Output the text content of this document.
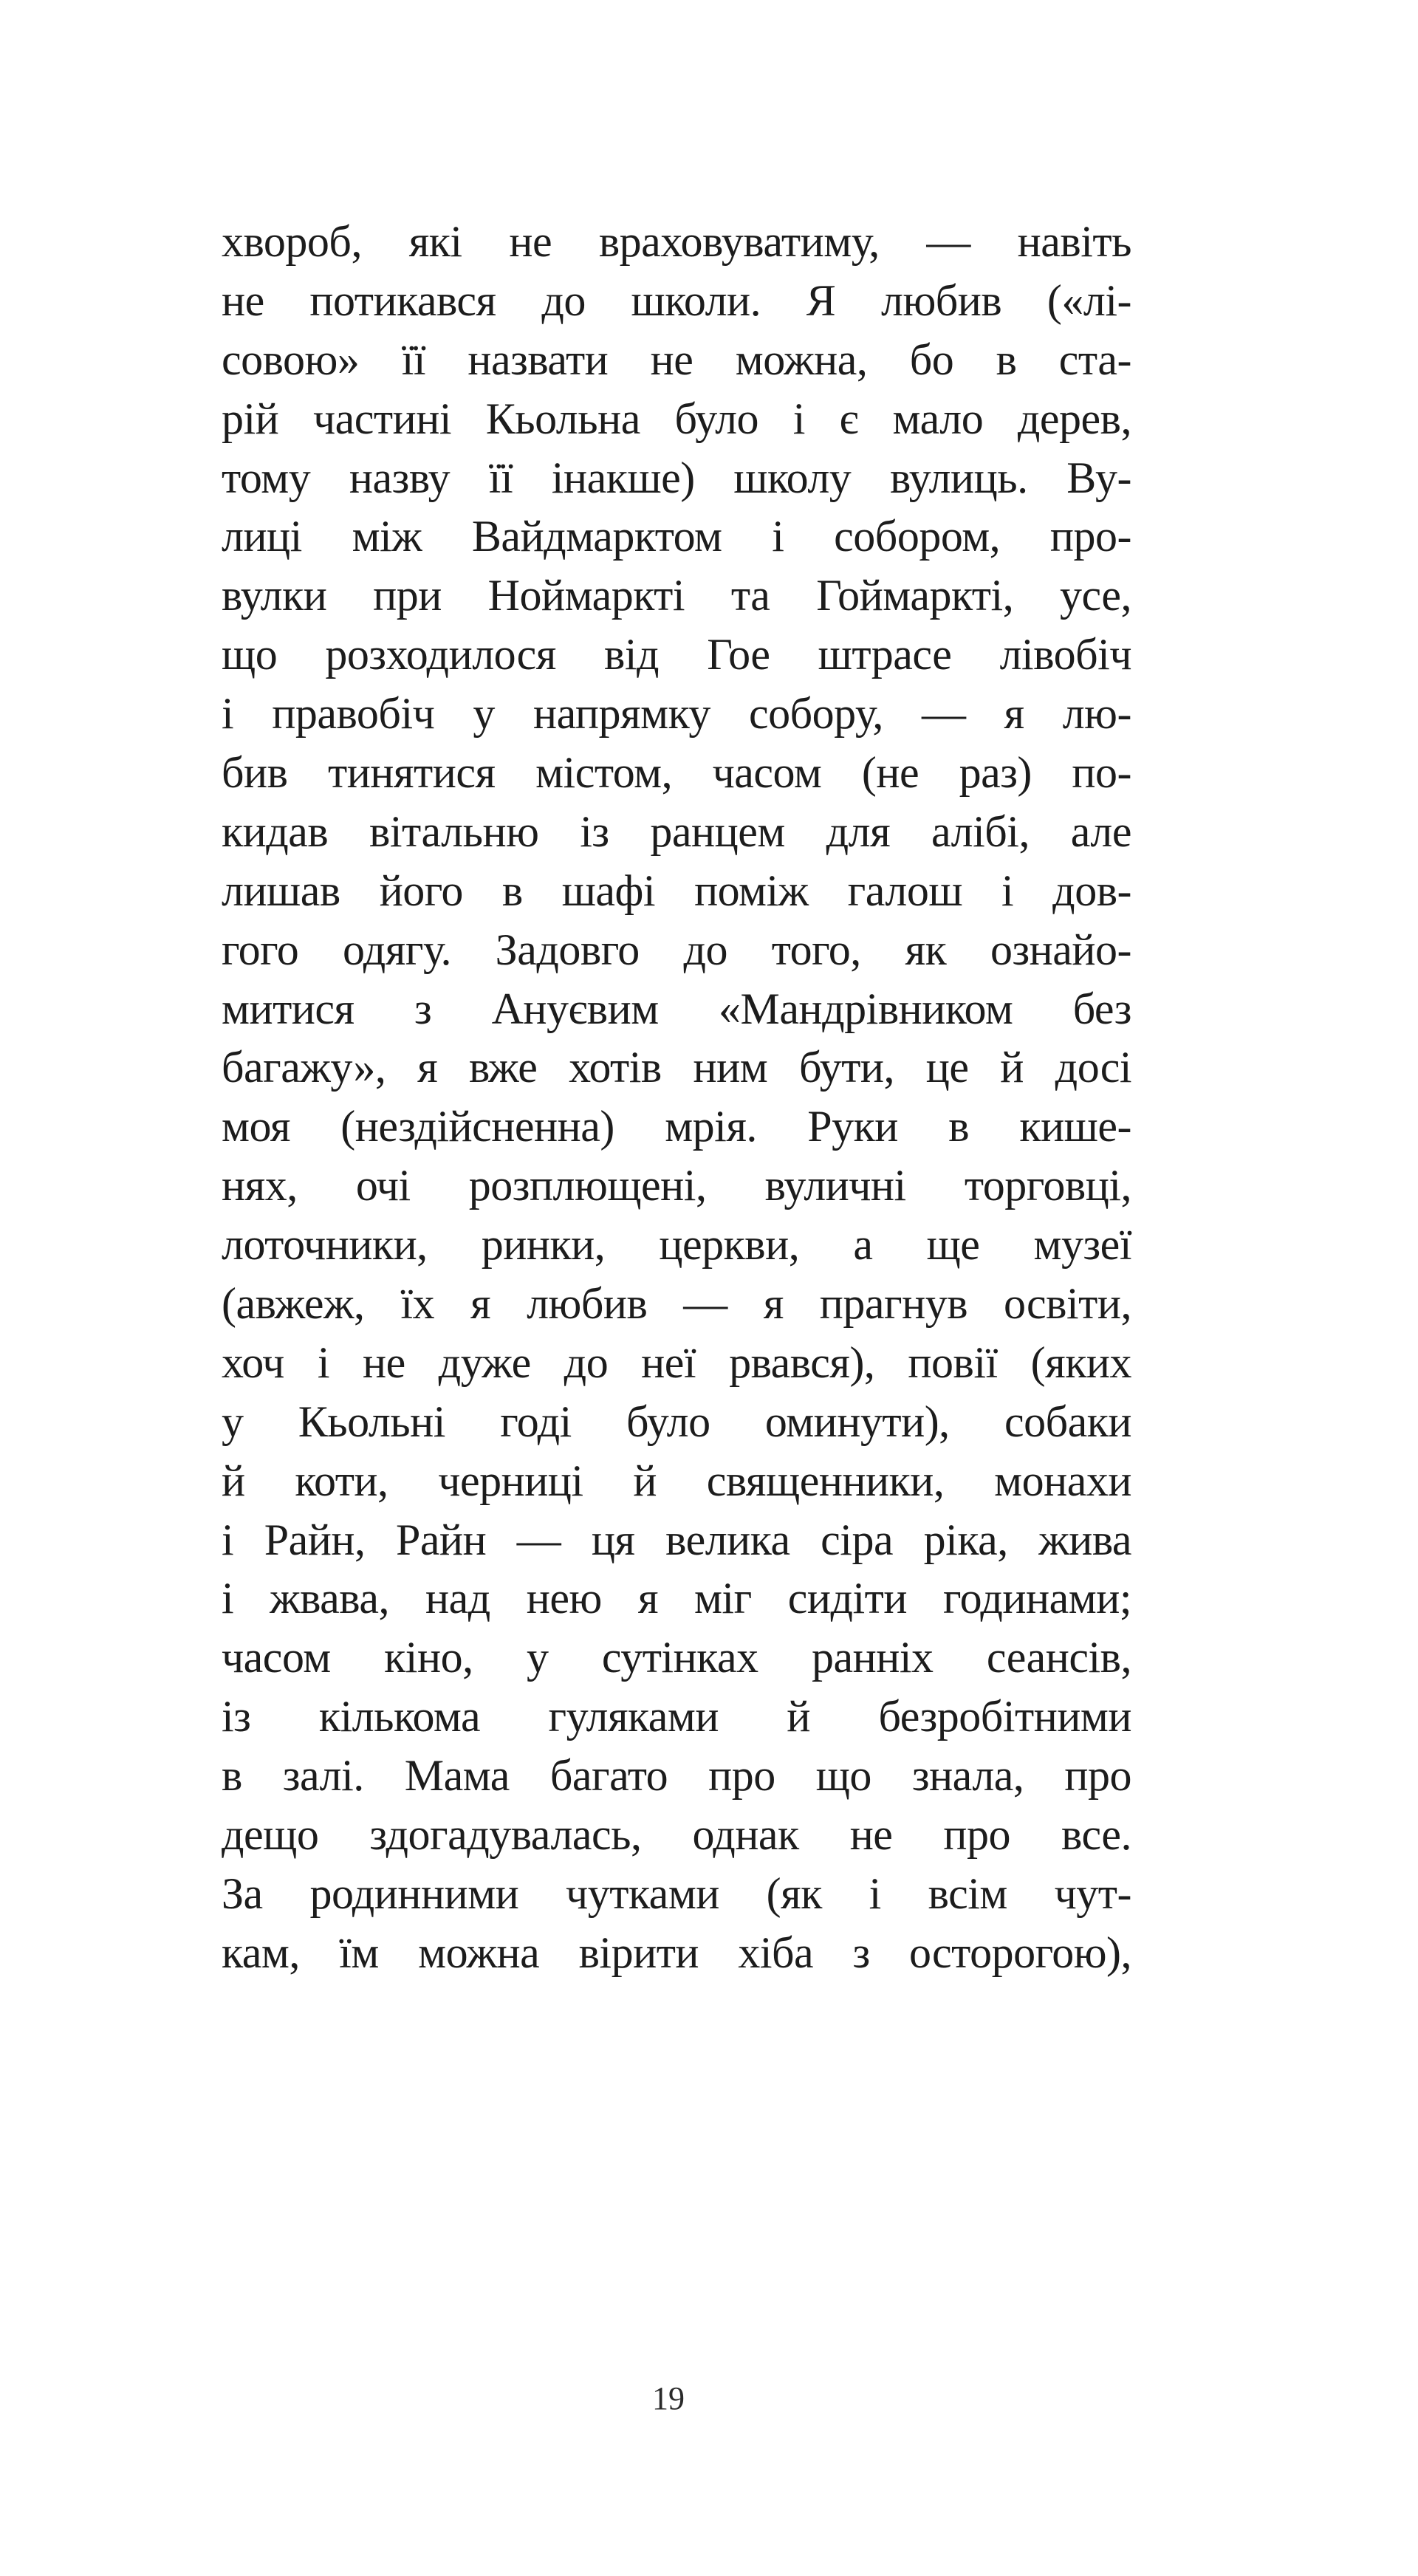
хвороб, які не враховуватиму, — навіть
не потикався до школи. Я любив («лі-
совою» її назвати не можна, бо в ста-
рій частині Кьольна було і є мало дерев,
тому назву її інакше) школу вулиць. Ву-
лиці між Вайдмарктом і собором, про-
вулки при Ноймаркті та Гоймаркті, усе,
що розходилося від Гое штрасе лівобіч
і правобіч у напрямку собору, — я лю-
бив тинятися містом, часом (не раз) по-
кидав вітальню із ранцем для алібі, але
лишав його в шафі поміж галош і дов-
гого одягу. Задовго до того, як ознайо-
митися з Ануєвим «Мандрівником без
багажу», я вже хотів ним бути, це й досі
моя (нездійсненна) мрія. Руки в кише-
нях, очі розплющені, вуличні торговці,
лоточники, ринки, церкви, а ще музеї
(авжеж, їх я любив — я прагнув освіти,
хоч і не дуже до неї рвався), повії (яких
у Кьольні годі було оминути), собаки
й коти, черниці й священники, монахи
і Райн, Райн — ця велика сіра ріка, жива
і жвава, над нею я міг сидіти годинами;
часом кіно, у сутінках ранніх сеансів,
із кількома гуляками й безробітними
в залі. Мама багато про що знала, про
дещо здогадувалась, однак не про все.
За родинними чутками (як і всім чут-
кам, їм можна вірити хіба з осторогою),
19
